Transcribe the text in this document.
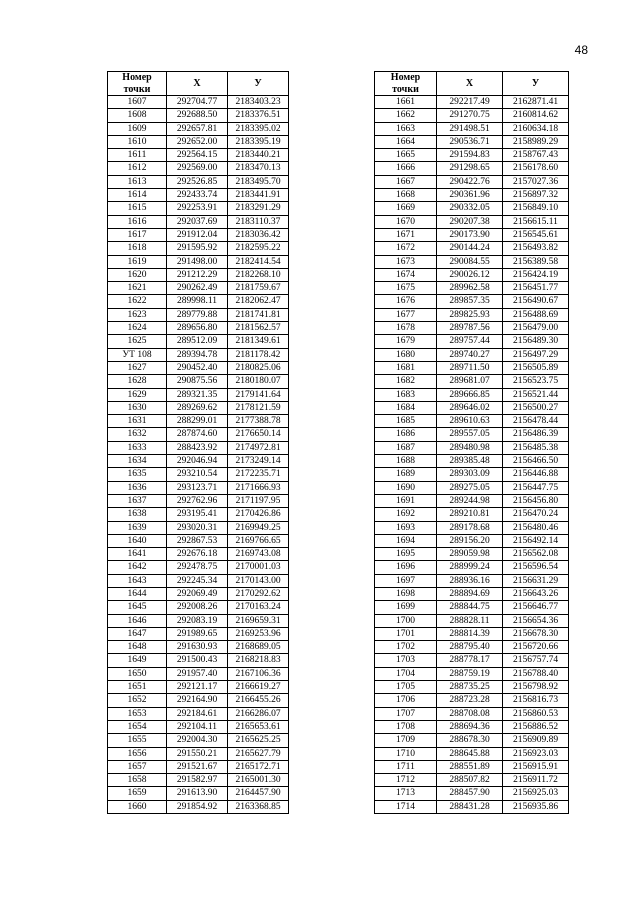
48
Номер
точки	X	У
1607	292704.77	2183403.23
1608	292688.50	2183376.51
1609	292657.81	2183395.02
1610	292652.00	2183395.19
1611	292564.15	2183440.21
1612	292569.00	2183470.13
1613	292526.85	2183495.70
1614	292433.74	2183441.91
1615	292253.91	2183291.29
1616	292037.69	2183110.37
1617	291912.04	2183036.42
1618	291595.92	2182595.22
1619	291498.00	2182414.54
1620	291212.29	2182268.10
1621	290262.49	2181759.67
1622	289998.11	2182062.47
1623	289779.88	2181741.81
1624	289656.80	2181562.57
1625	289512.09	2181349.61
УТ 108	289394.78	2181178.42
1627	290452.40	2180825.06
1628	290875.56	2180180.07
1629	289321.35	2179141.64
1630	289269.62	2178121.59
1631	288299.01	2177388.78
1632	287874.60	2176650.14
1633	288423.92	2174972.81
1634	292046.94	2173249.14
1635	293210.54	2172235.71
1636	293123.71	2171666.93
1637	292762.96	2171197.95
1638	293195.41	2170426.86
1639	293020.31	2169949.25
1640	292867.53	2169766.65
1641	292676.18	2169743.08
1642	292478.75	2170001.03
1643	292245.34	2170143.00
1644	292069.49	2170292.62
1645	292008.26	2170163.24
1646	292083.19	2169659.31
1647	291989.65	2169253.96
1648	291630.93	2168689.05
1649	291500.43	2168218.83
1650	291957.40	2167106.36
1651	292121.17	2166619.27
1652	292164.90	2166455.26
1653	292184.61	2166286.07
1654	292104.11	2165653.61
1655	292004.30	2165625.25
1656	291550.21	2165627.79
1657	291521.67	2165172.71
1658	291582.97	2165001.30
1659	291613.90	2164457.90
1660	291854.92	2163368.85
Номер
точки	X	У
1661	292217.49	2162871.41
1662	291270.75	2160814.62
1663	291498.51	2160634.18
1664	290536.71	2158989.29
1665	291594.83	2158767.43
1666	291298.65	2156178.60
1667	290422.76	2157027.36
1668	290361.96	2156897.32
1669	290332.05	2156849.10
1670	290207.38	2156615.11
1671	290173.90	2156545.61
1672	290144.24	2156493.82
1673	290084.55	2156389.58
1674	290026.12	2156424.19
1675	289962.58	2156451.77
1676	289857.35	2156490.67
1677	289825.93	2156488.69
1678	289787.56	2156479.00
1679	289757.44	2156489.30
1680	289740.27	2156497.29
1681	289711.50	2156505.89
1682	289681.07	2156523.75
1683	289666.85	2156521.44
1684	289646.02	2156500.27
1685	289610.63	2156478.44
1686	289557.05	2156486.39
1687	289480.98	2156485.38
1688	289385.48	2156466.50
1689	289303.09	2156446.88
1690	289275.05	2156447.75
1691	289244.98	2156456.80
1692	289210.81	2156470.24
1693	289178.68	2156480.46
1694	289156.20	2156492.14
1695	289059.98	2156562.08
1696	288999.24	2156596.54
1697	288936.16	2156631.29
1698	288894.69	2156643.26
1699	288844.75	2156646.77
1700	288828.11	2156654.36
1701	288814.39	2156678.30
1702	288795.40	2156720.66
1703	288778.17	2156757.74
1704	288759.19	2156788.40
1705	288735.25	2156798.92
1706	288723.28	2156816.73
1707	288708.08	2156860.53
1708	288694.36	2156886.52
1709	288678.30	2156909.89
1710	288645.88	2156923.03
1711	288551.89	2156915.91
1712	288507.82	2156911.72
1713	288457.90	2156925.03
1714	288431.28	2156935.86
